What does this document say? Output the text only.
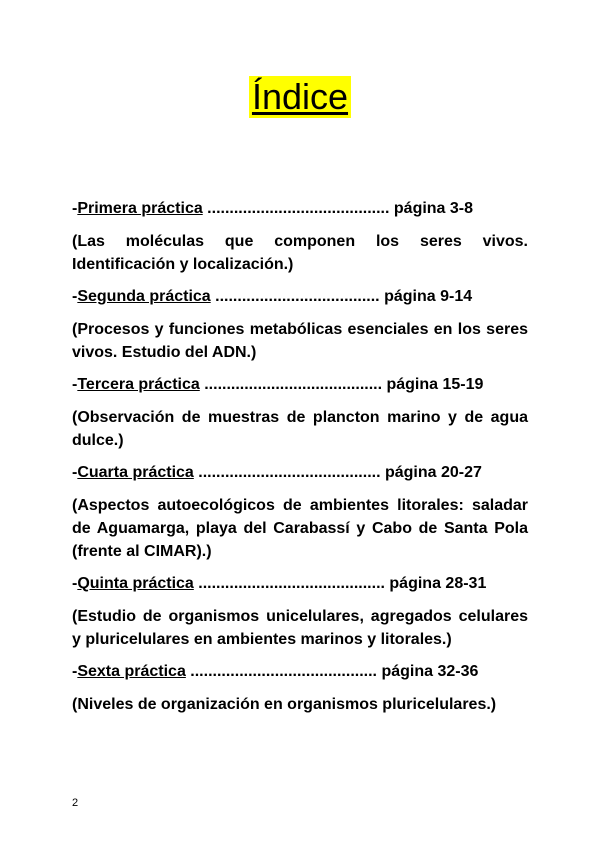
Índice
-Primera práctica ......................................... página 3-8
(Las moléculas que componen los seres vivos. Identificación y localización.)
-Segunda práctica ..................................... página 9-14
(Procesos y funciones metabólicas esenciales en los seres vivos. Estudio del ADN.)
-Tercera práctica ........................................ página 15-19
(Observación de muestras de plancton marino y de agua dulce.)
-Cuarta práctica ......................................... página 20-27
(Aspectos autoecológicos de ambientes litorales: saladar de Aguamarga, playa del Carabassí y Cabo de Santa Pola (frente al CIMAR).)
-Quinta práctica .......................................... página 28-31
(Estudio de organismos unicelulares, agregados celulares y pluricelulares en ambientes marinos y litorales.)
-Sexta práctica .......................................... página 32-36
(Niveles de organización en organismos pluricelulares.)
2
